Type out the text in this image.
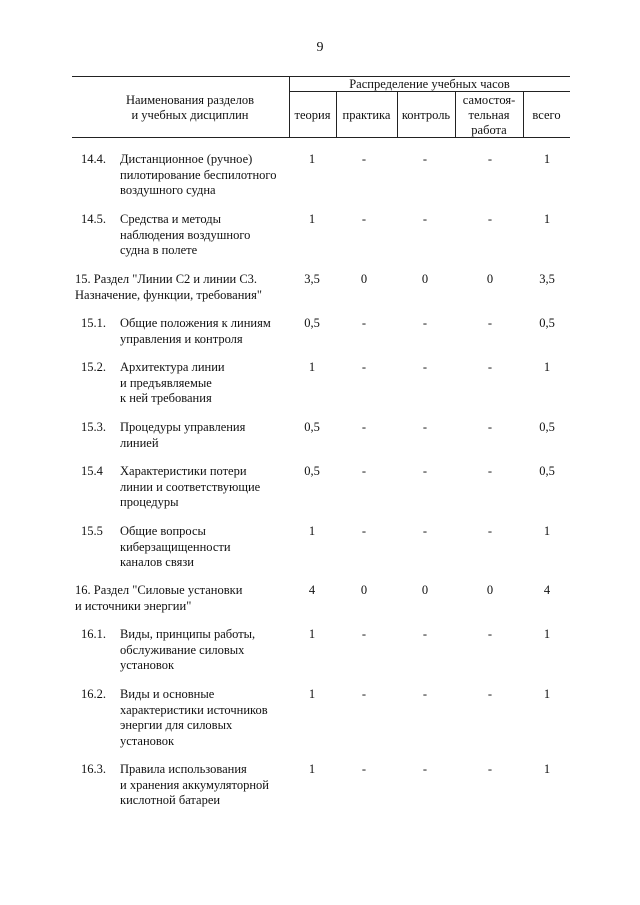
9
Наименования разделов
и учебных дисциплин
Распределение учебных часов
теория практика контроль
самостоя-
тельная
работа
всего
14.4. Дистанционное (ручное)
пилотирование беспилотного
воздушного судна
1	-	-	-	1
14.5. Средства и методы
наблюдения воздушного
судна в полете
1	-	-	-	1
15. Раздел "Линии С2 и линии С3.
Назначение, функции, требования"
3,5	0	0	0	3,5
15.1. Общие положения к линиям
управления и контроля
0,5	-	-	-	0,5
15.2. Архитектура линии
и предъявляемые
к ней требования
1	-	-	-	1
15.3. Процедуры управления
линией
0,5	-	-	-	0,5
15.4 Характеристики потери
линии и соответствующие
процедуры
0,5	-	-	-	0,5
15.5 Общие вопросы
киберзащищенности
каналов связи
1	-	-	-	1
16. Раздел "Силовые установки
и источники энергии"
4	0	0	0	4
16.1. Виды, принципы работы,
обслуживание силовых
установок
1	-	-	-	1
16.2. Виды и основные
характеристики источников
энергии для силовых
установок
1	-	-	-	1
16.3. Правила использования
и хранения аккумуляторной
кислотной батареи
1	-	-	-	1
